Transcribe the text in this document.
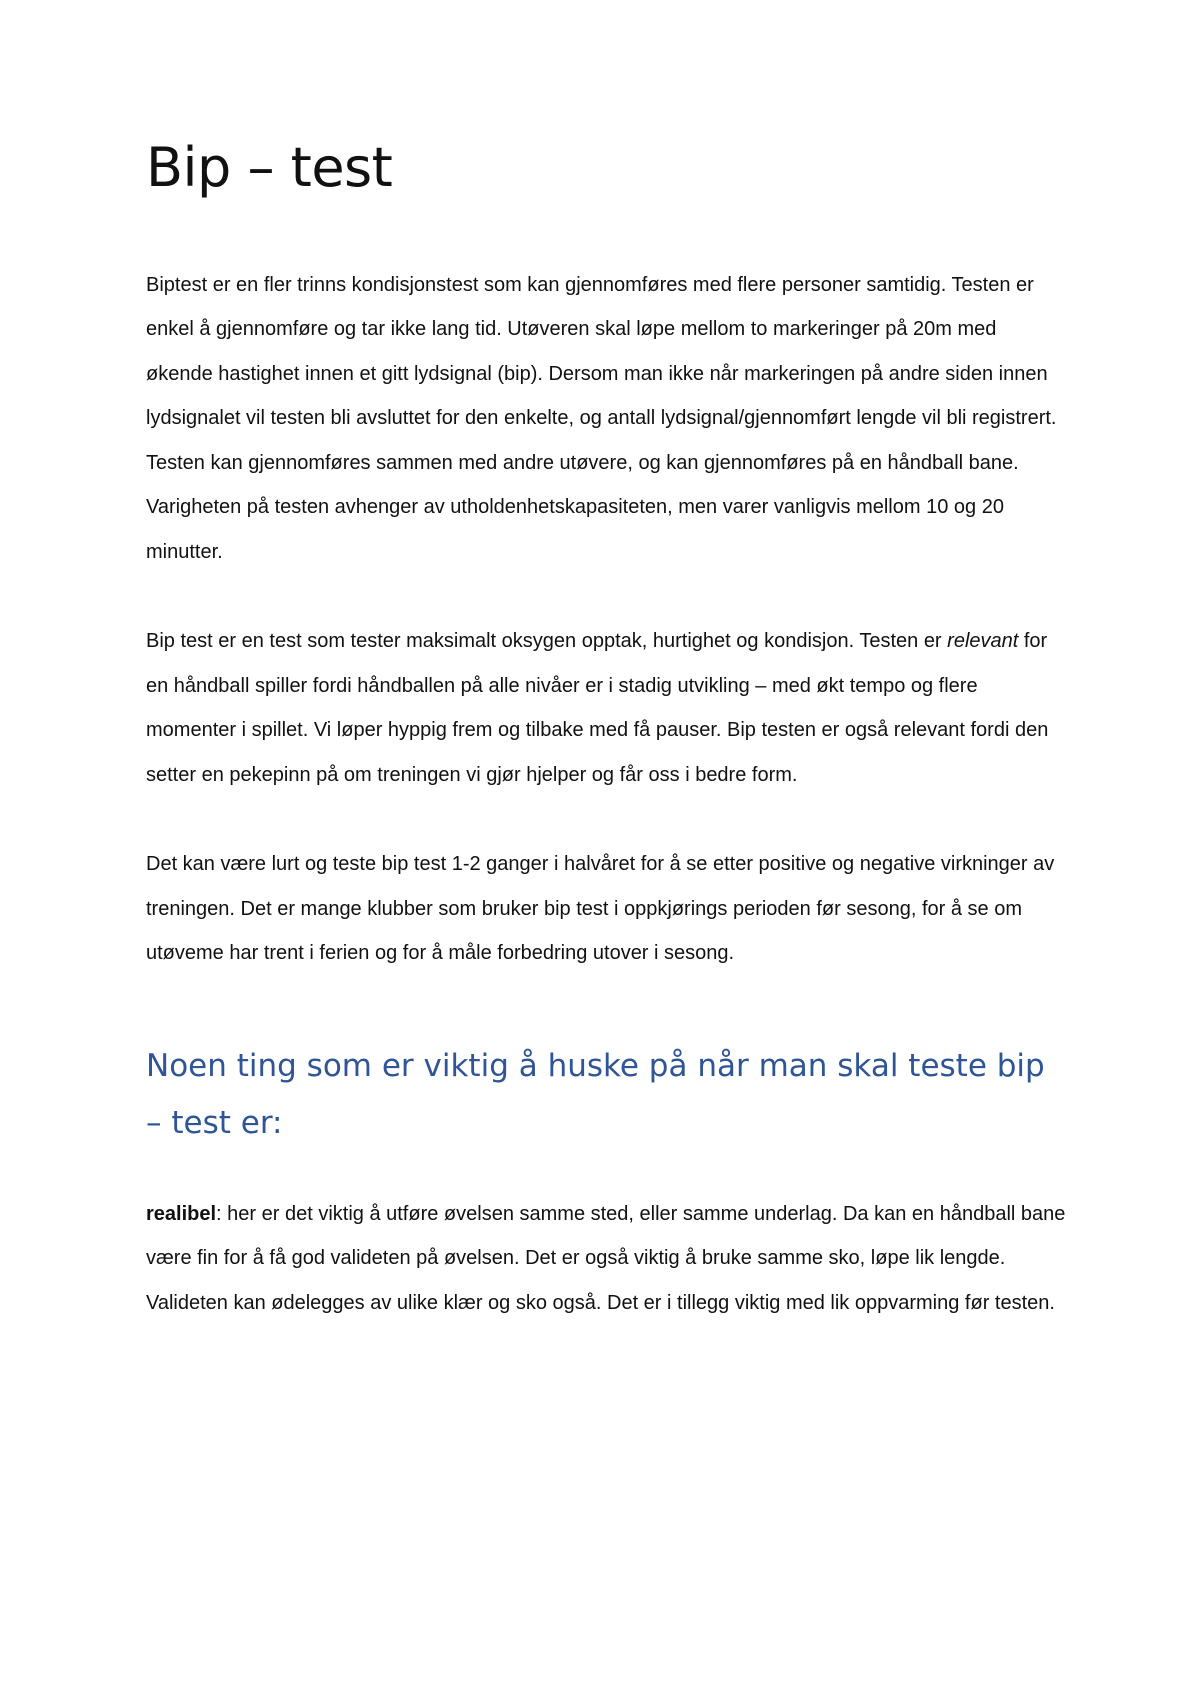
Bip – test

Biptest er en fler trinns kondisjonstest som kan gjennomføres med flere personer samtidig. Testen er enkel å gjennomføre og tar ikke lang tid. Utøveren skal løpe mellom to markeringer på 20m med økende hastighet innen et gitt lydsignal (bip). Dersom man ikke når markeringen på andre siden innen lydsignalet vil testen bli avsluttet for den enkelte, og antall lydsignal/gjennomført lengde vil bli registrert. Testen kan gjennomføres sammen med andre utøvere, og kan gjennomføres på en håndball bane. Varigheten på testen avhenger av utholdenhetskapasiteten, men varer vanligvis mellom 10 og 20 minutter.

Bip test er en test som tester maksimalt oksygen opptak, hurtighet og kondisjon. Testen er relevant for en håndball spiller fordi håndballen på alle nivåer er i stadig utvikling – med økt tempo og flere momenter i spillet. Vi løper hyppig frem og tilbake med få pauser. Bip testen er også relevant fordi den setter en pekepinn på om treningen vi gjør hjelper og får oss i bedre form.

Det kan være lurt og teste bip test 1-2 ganger i halvåret for å se etter positive og negative virkninger av treningen. Det er mange klubber som bruker bip test i oppkjørings perioden før sesong, for å se om utøveme har trent i ferien og for å måle forbedring utover i sesong.

Noen ting som er viktig å huske på når man skal teste bip – test er:

realibel: her er det viktig å utføre øvelsen samme sted, eller samme underlag. Da kan en håndball bane være fin for å få god valideten på øvelsen. Det er også viktig å bruke samme sko, løpe lik lengde. Valideten kan ødelegges av ulike klær og sko også. Det er i tillegg viktig med lik oppvarming før testen.
